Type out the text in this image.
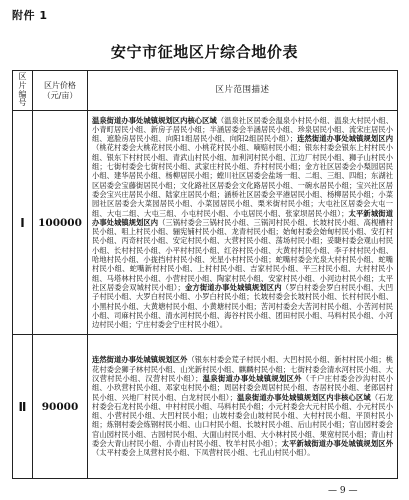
附件 1
安宁市征地区片综合地价表
区片编号
区片价格
（元/亩）
区片范围描述
Ⅰ 100000
温泉街道办事处城镇规划区内核心区域（温泉社区居委会温泉小村民小组、温泉大村民小组、小青町居民小组、新房子居民小组；半涵居委会半涵居民小组、珍泉居民小组、流宋庄居民小组、遮脸房居民小组、向阳1组居民小组、向阳2组居民小组）；连然街道办事处城镇规划区内（桃花村委会大桃花村民小组、小桃花村民小组、嘀赔村民小组；银东村委会银东上村村民小组、银东下村村民小组、青武山村民小组、加利河村民小组、江边厂村民小组、狮子山村民小组；七街村委会七街村民小组、武家庄村民小组、乔村村民小组；金方社区居委会小梨园居民小组、建华居民小组、杨柳居民小组；螳川社区居委会盐场一组、二组、三组、四组；东湖社区居委会宝藤街居民小组；文化路社区居委会文化路居民小组、一碗水居民小组；宝兴社区居委会宝兴庄居民小组、陆家庄居民小组；涵桥社区居委会平港居民小组、杨柳居民小组；小菜园社区居委会大菜园居民小组、小菜园居民小组、栗米街村民小组；大屯社区居委会大屯一组、大屯二组、大屯三组、小屯村民小组、小屯居民小组、张家坝居民小组）；太平新城街道办事处城镇规划区内（三锅村委会三锅村民小组、三锅河村民小组、长坡村民小组、高枧槽村民小组、咀上村民小组、骊宪铺村民小组、龙青村民小组；始甸村委会始甸村民小组、安打村民小组、丙奇村民小组、安定村民小组、大营村民小组、荡场村民小组；妥睫村委会观山村民小组、长村村民小组、小平村村民小组、红谷村民小组、大黄村村民小组、李子村村民小组、哈地村民小组、小拢挡村村民小组、光星小村村民小组；蛇嘴村委会光泉大村村民小组、蛇嘴村民小组、蛇嘴新村村民小组、上村村民小组、吉家村民小组、平三村民小组、大村村民小组、马塔林村民小组、小营村民小组、陶家村民小组、安家村民小组、小河边村民小组；太平社区居委会双城村民小组）；金方街道办事处城镇规划区内（罗白村委会罗白村民小组、大凹子村民小组、大罗白村民小组、小罗白村民小组；长坡村委会长坡村民小组、长村村民小组、小黑村民小组、大黄塘村民小组、小黄塘村民小组；苦河村委会大苦河村民小组、小苦河村民小组、司麻村民小组、清水河村民小组、海谷村民小组、团田村民小组、马料村民小组、小河边村民小组；宁庄村委会宁庄村民小组）。
Ⅱ 90000
连然街道办事处城镇规划区外（银东村委会荒子村民小组、大凹村民小组、新村村民小组；桃花村委会狮子林村民小组、山光新村民小组、麒麟村民小组；七街村委会清水河村民小组、大汉营村民小组、汉营村民小组）；温泉街道办事处城镇规划区外（千户庄村委会沙沟村民小组、小玖营村民小组、邓家屯村民小组；周居村委会周居村民小组、杏居村民小组、老郎居村民小组、兴地厂村民小组、白龙村民小组）；温泉街道办事处城镇规划区内非核心区域（石龙村委会石龙村民小组、中村村民小组、马料村民小组；小元村委会大元村民小组、小元村民小组、小营村民小组、大凹村民小组；山坡村委会山坡村民小组、大村村民小组、平顶村民小组；炼钢村委会炼钢村民小组、山口村民小组、长坡村民小组、后山村民小组；官山园村委会官山园村民小组、古园村民小组、大面山村民小组、大小林村民小组、果宽村民小组；青山村委会大青山村民小组、小青山村民小组、牧羊村民小组）；太平新城街道办事处城镇规划区外（太平村委会上凤营村民小组、下凤营村民小组、七孔山村民小组）。
— 9 —
